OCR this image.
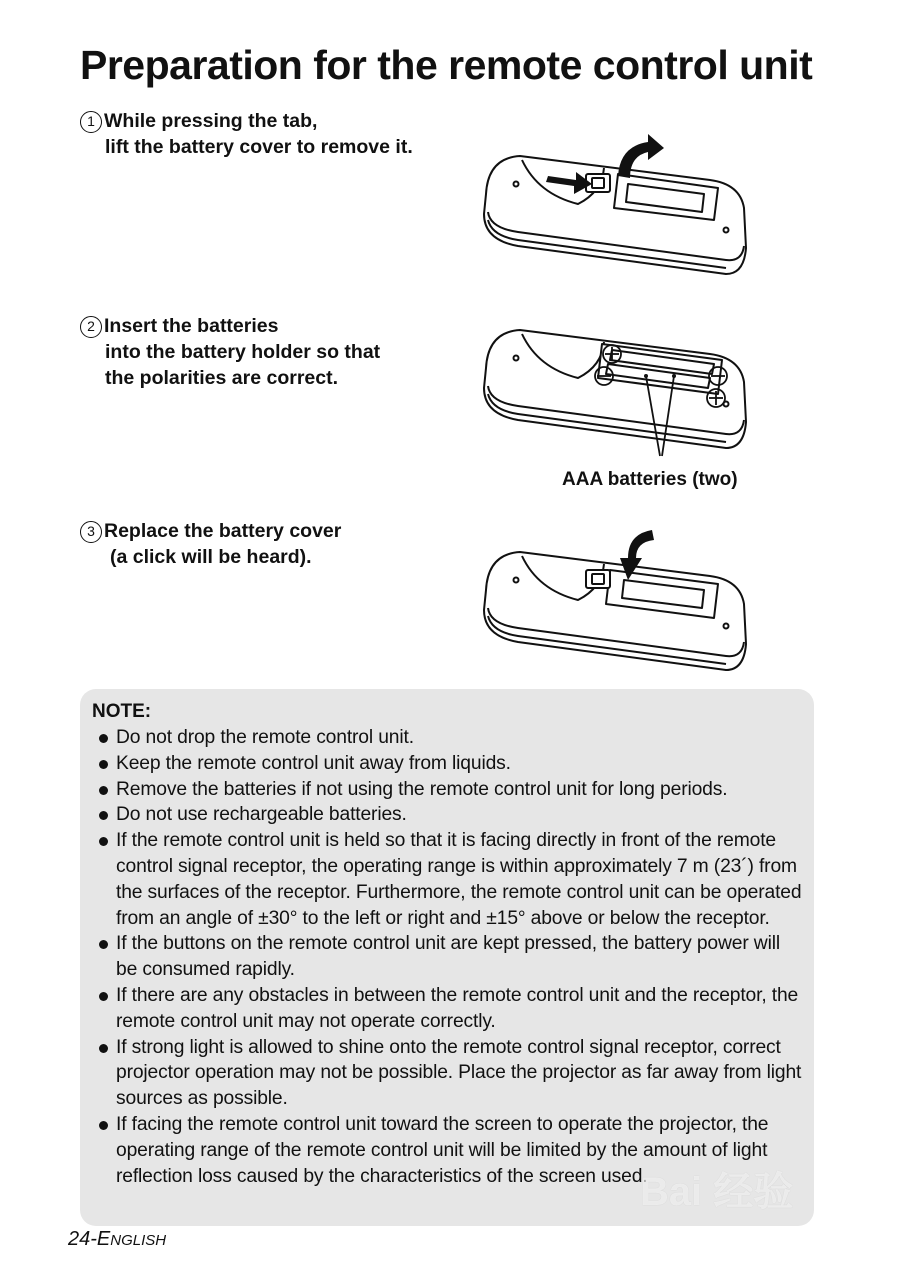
Preparation for the remote control unit
1 While pressing the tab,
lift the battery cover to remove it.
2 Insert the batteries
into the battery holder so that
the polarities are correct.
3 Replace the battery cover
(a click will be heard).
AAA batteries (two)
NOTE:
Do not drop the remote control unit.
Keep the remote control unit away from liquids.
Remove the batteries if not using the remote control unit for long periods.
Do not use rechargeable batteries.
If the remote control unit is held so that it is facing directly in front of the remote control signal receptor, the operating range is within approximately 7 m (23´) from the surfaces of the receptor. Furthermore, the remote control unit can be operated from an angle of ±30° to the left or right and ±15° above or below the receptor.
If the buttons on the remote control unit are kept pressed, the battery power will be consumed rapidly.
If there are any obstacles in between the remote control unit and the receptor, the remote control unit may not operate correctly.
If strong light is allowed to shine onto the remote control signal receptor, correct projector operation may not be possible. Place the projector as far away from light sources as possible.
If facing the remote control unit toward the screen to operate the projector, the operating range of the remote control unit will be limited by the amount of light reflection loss caused by the characteristics of the screen used.
24-ENGLISH
Bai 经验
